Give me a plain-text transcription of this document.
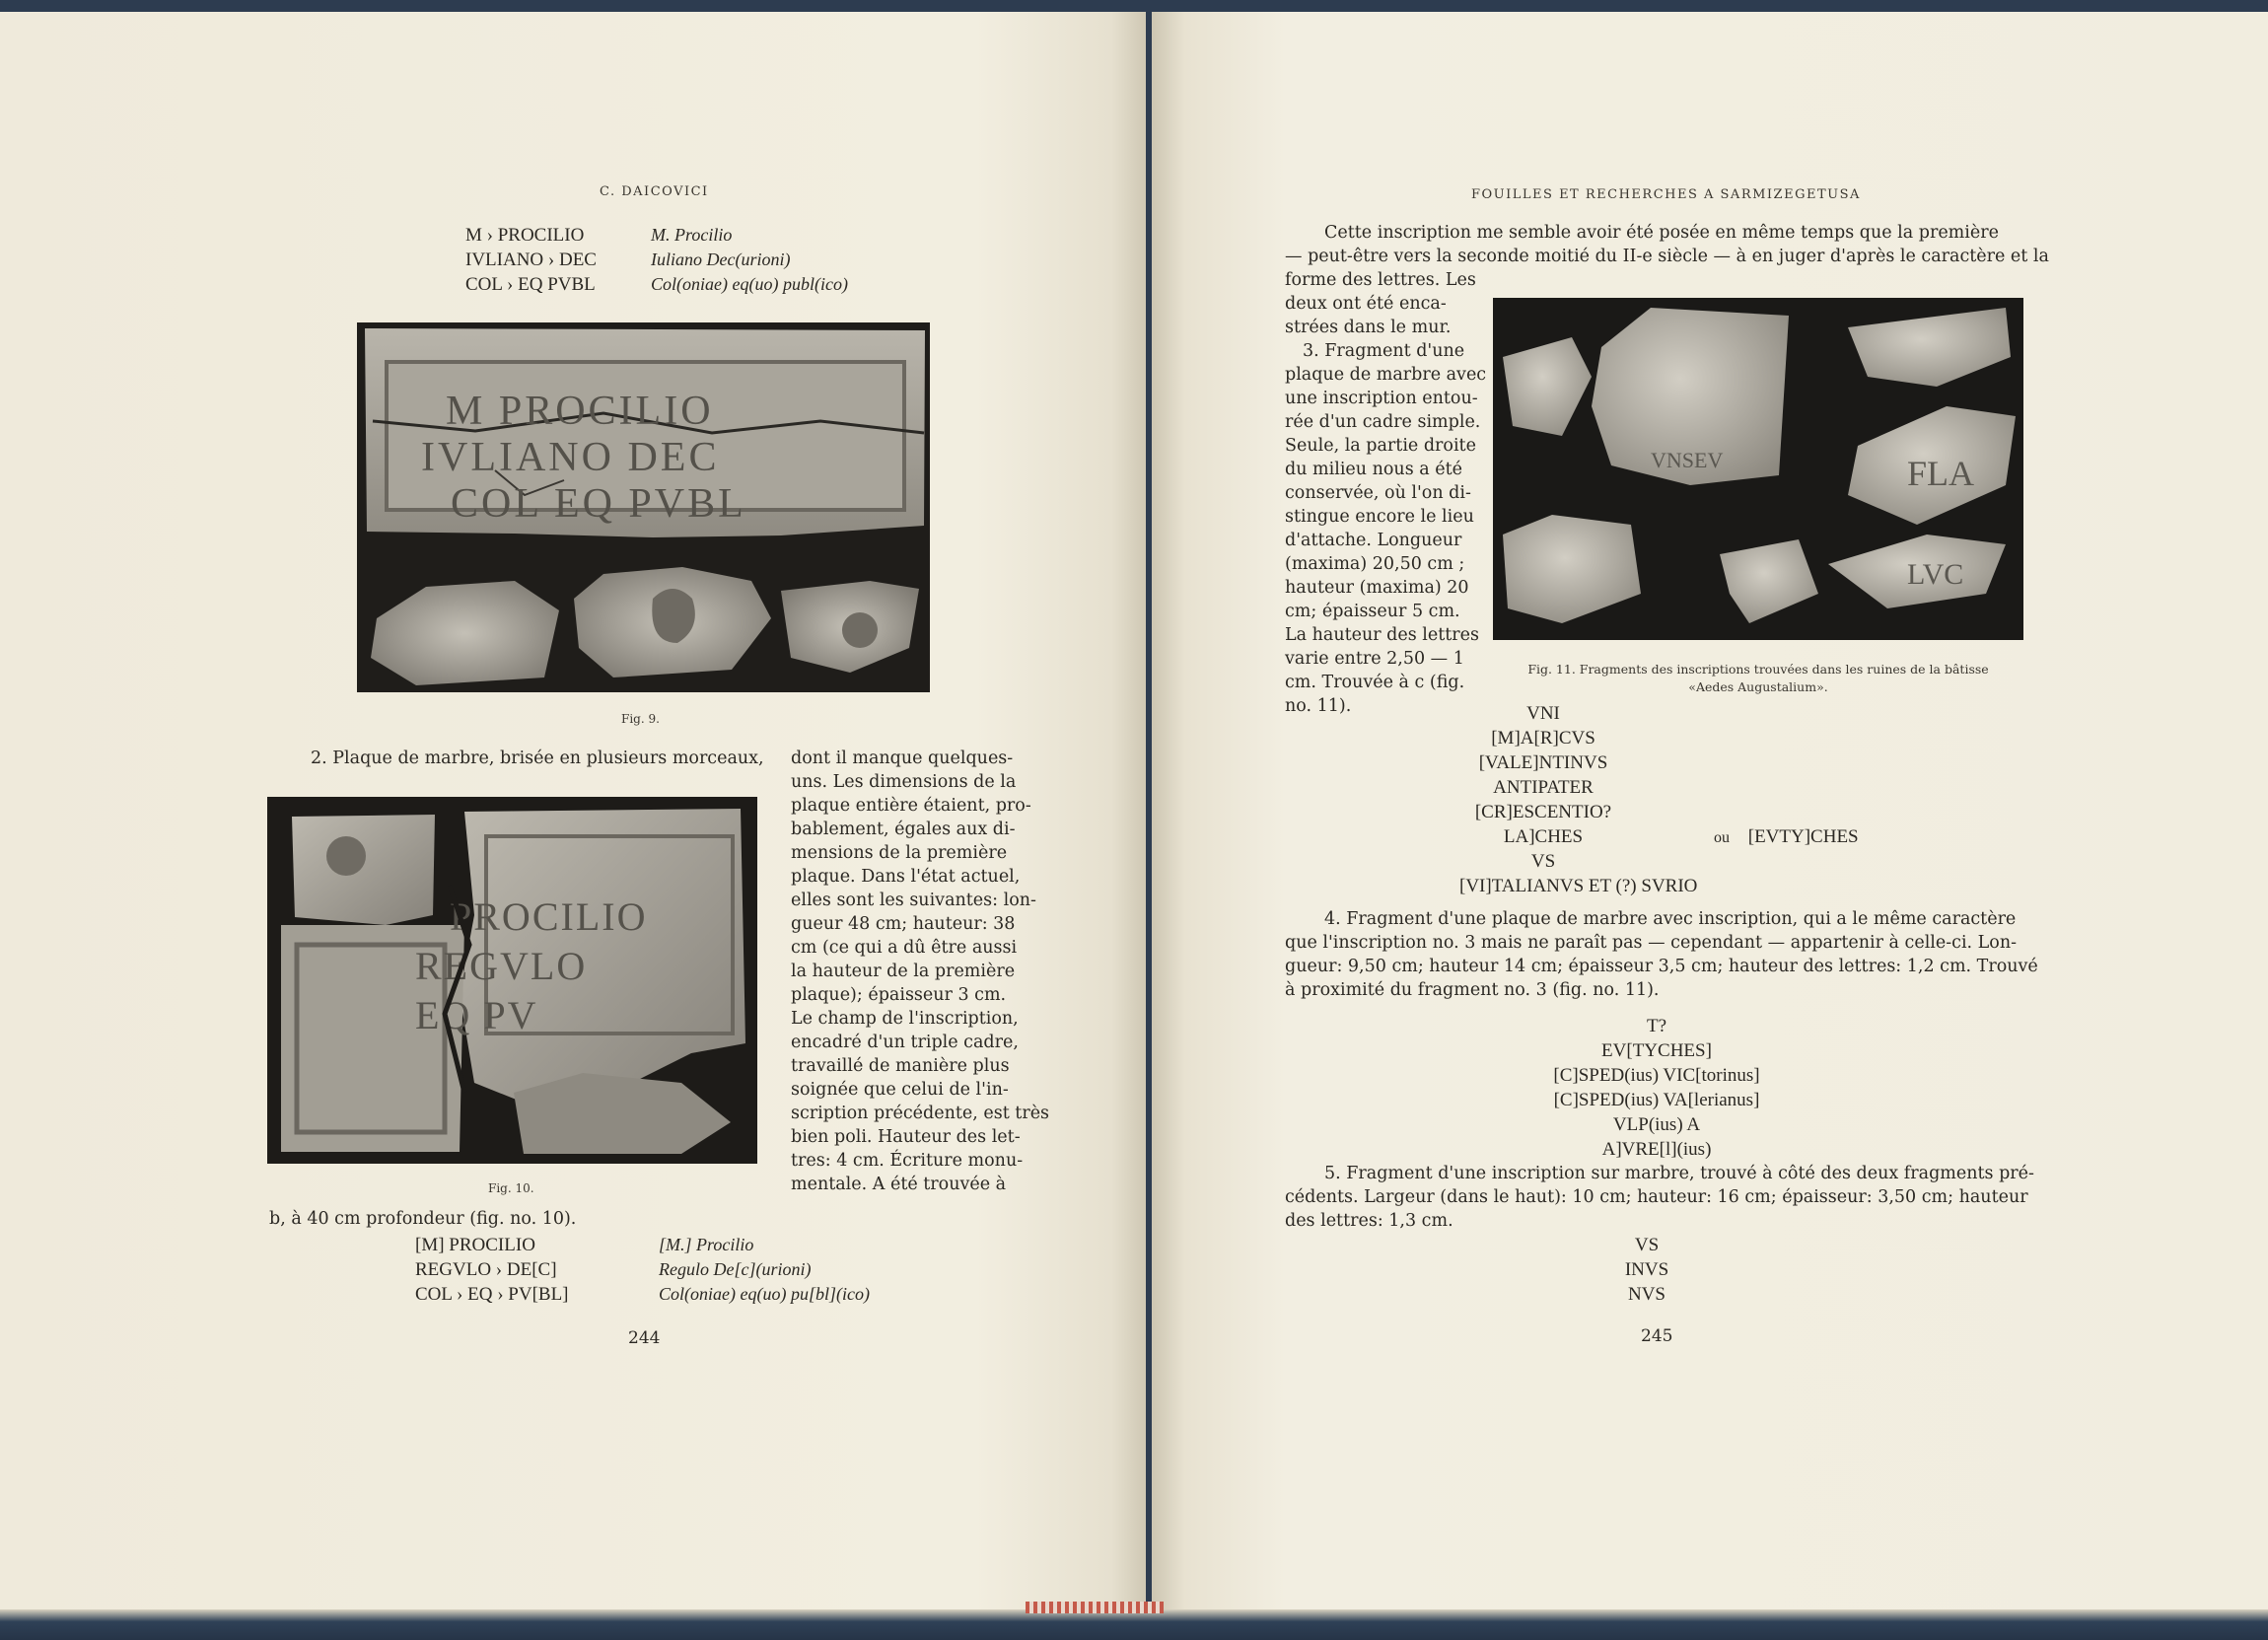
C. DAICOVICI
M › PROCILIO
IVLIANO › DEC
COL › EQ PVBL
M. Procilio
Iuliano Dec(urioni)
Col(oniae) eq(uo) publ(ico)
M PROCILIO
IVLIANO DEC
COL EQ PVBL
Fig. 9.
2. Plaque de marbre, brisée en plusieurs morceaux, dont il manque quelques-
uns. Les dimensions de la
plaque entière étaient, pro-
bablement, égales aux di-
mensions de la première
plaque. Dans l'état actuel,
elles sont les suivantes: lon-
gueur 48 cm; hauteur: 38
cm (ce qui a dû être aussi
la hauteur de la première
plaque); épaisseur 3 cm.
Le champ de l'inscription,
encadré d'un triple cadre,
travaillé de manière plus
soignée que celui de l'in-
scription précédente, est très
bien poli. Hauteur des let-
tres: 4 cm. Écriture monu-
mentale. A été trouvée à
PROCILIO
REGVLO
EQ PV
Fig. 10.
b, à 40 cm profondeur (fig. no. 10).
[M] PROCILIO
REGVLO › DE[C]
COL › EQ › PV[BL]
[M.] Procilio
Regulo De[c](urioni)
Col(oniae) eq(uo) pu[bl](ico)
244
FOUILLES ET RECHERCHES A SARMIZEGETUSA
Cette inscription me semble avoir été posée en même temps que la première
— peut-être vers la seconde moitié du II-e siècle — à en juger d'après le caractère et la
forme des lettres. Les
deux ont été enca-
strées dans le mur.
3. Fragment d'une
plaque de marbre avec
une inscription entou-
rée d'un cadre simple.
Seule, la partie droite
du milieu nous a été
conservée, où l'on di-
stingue encore le lieu
d'attache. Longueur
(maxima) 20,50 cm ;
hauteur (maxima) 20
cm; épaisseur 5 cm.
La hauteur des lettres
varie entre 2,50 — 1
cm. Trouvée à c (fig.
no. 11).
VNSEV	FLA
LVC
Fig. 11. Fragments des inscriptions trouvées dans les ruines de la bâtisse
«Aedes Augustalium».
VNI
[M]A[R]CVS
[VALE]NTINVS
ANTIPATER
[CR]ESCENTIO?
LA]CHES
VS
[VI]TALIANVS ET (?) SVRIO
ou [EVTY]CHES
4. Fragment d'une plaque de marbre avec inscription, qui a le même caractère
que l'inscription no. 3 mais ne paraît pas — cependant — appartenir à celle-ci. Lon-
gueur: 9,50 cm; hauteur 14 cm; épaisseur 3,5 cm; hauteur des lettres: 1,2 cm. Trouvé
à proximité du fragment no. 3 (fig. no. 11).
T?
EV[TYCHES]
[C]SPED(ius) VIC[torinus]
[C]SPED(ius) VA[lerianus]
VLP(ius) A
A]VRE[l](ius)
5. Fragment d'une inscription sur marbre, trouvé à côté des deux fragments pré-
cédents. Largeur (dans le haut): 10 cm; hauteur: 16 cm; épaisseur: 3,50 cm; hauteur
des lettres: 1,3 cm.
VS
INVS
NVS
245
